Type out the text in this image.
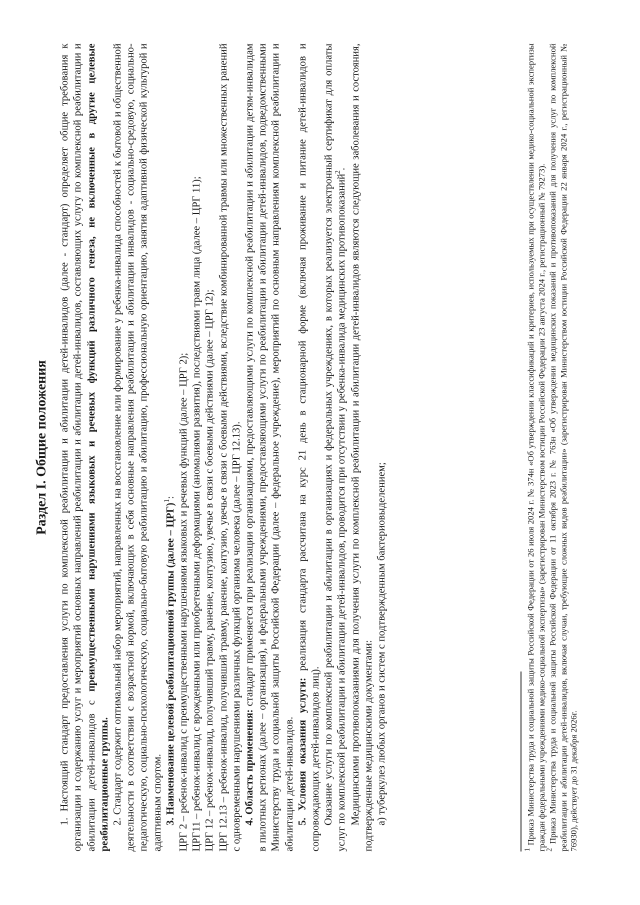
Раздел I. Общие положения 1. Настоящий стандарт предоставления услуги по комплексной реабилитации и абилитации детей-инвалидов (далее - стандарт) определяет общие требования к организации и содержанию услуг и мероприятий основных направлений реабилитации и абилитации детей-инвалидов, составляющих услугу по комплексной реабилитации и абилитации детей-инвалидов с преимущественными нарушениями языковых и речевых функций различного генеза, не включенные в другие целевые реабилитационные группы. 2. Стандарт содержит оптимальный набор мероприятий, направленных на восстановление или формирование у ребенка-инвалида способностей к бытовой и общественной деятельности в соответствии с возрастной нормой, включающих в себя основные направления реабилитации и абилитации инвалидов - социально-средовую, социально-педагогическую, социально-психологическую, социально-бытовую реабилитацию и абилитацию, профессиональную ориентацию, занятия адаптивной физической культурой и адаптивным спортом. 3. Наименование целевой реабилитационной группы (далее – ЦРГ)$^1$: ЦРГ 2 – ребенок-инвалид с преимущественными нарушениями языковых и речевых функций (далее – ЦРГ 2); ЦРГ11 – ребенок-инвалид с врожденными или приобретенными деформациями (аномалиями развития), последствиями травм лица (далее – ЦРГ 11); ЦРГ 12 – ребенок-инвалид, получивший травму, ранение, контузию, увечье в связи с боевыми действиями (далее – ЦРГ 12); ЦРГ 12.13 – ребенок-инвалид, получивший травму, ранение, контузию, увечье в связи с боевыми действиями, вследствие комбинированной травмы или множественных ранений с одновременными нарушениями различных функций организма человека (далее – ЦРГ 12.13). 4. Область применения: стандарт применяется при реализации организациями, предоставляющими услуги по комплексной реабилитации и абилитации детям-инвалидам в пилотных регионах (далее – организация), и федеральными учреждениями, предоставляющими услуги по реабилитации и абилитации детей-инвалидов, подведомственными Министерству труда и социальной защиты Российской Федерации (далее – федеральное учреждение), мероприятий по основным направлениям комплексной реабилитации и абилитации детей-инвалидов. 5. Условия оказания услуги: реализация стандарта рассчитана на курс 21 день в стационарной форме (включая проживание и питание детей-инвалидов и сопровождающих детей-инвалидов лиц). Оказание услуги по комплексной реабилитации и абилитации в организациях и федеральных учреждениях, в которых реализуется электронный сертификат для оплаты услуг по комплексной реабилитации и абилитации детей-инвалидов, проводится при отсутствии у ребенка-инвалида медицинских противопоказаний$^2$. Медицинскими противопоказаниями для получения услуги по комплексной реабилитации и абилитации детей-инвалидов являются следующие заболевания и состояния, подтвержденные медицинскими документами: а) туберкулез любых органов и систем с подтвержденным бактериовыделением;

$^1$ Приказ Министерства труда и социальной защиты Российской Федерации от 26 июля 2024 г. № 374н «Об утверждении классификаций и критериев, используемых при осуществлении медико-социальной экспертизы граждан федеральными учреждениями медико-социальной экспертизы» (зарегистрирован Министерством юстиции Российской Федерации 23 августа 2024 г., регистрационный № 79273). $^2$ Приказ Министерства труда и социальной защиты Российской Федерации от 11 октября 2023 г. № 763н «Об утверждении медицинских показаний и противопоказаний для получения услуг по комплексной реабилитации и абилитации детей-инвалидов, включая случаи, требующие сложных видов реабилитации» (зарегистрирован Министерством юстиции Российской Федерации 22 января 2024 г., регистрационный № 76930), действует до 31 декабря 2026г.
